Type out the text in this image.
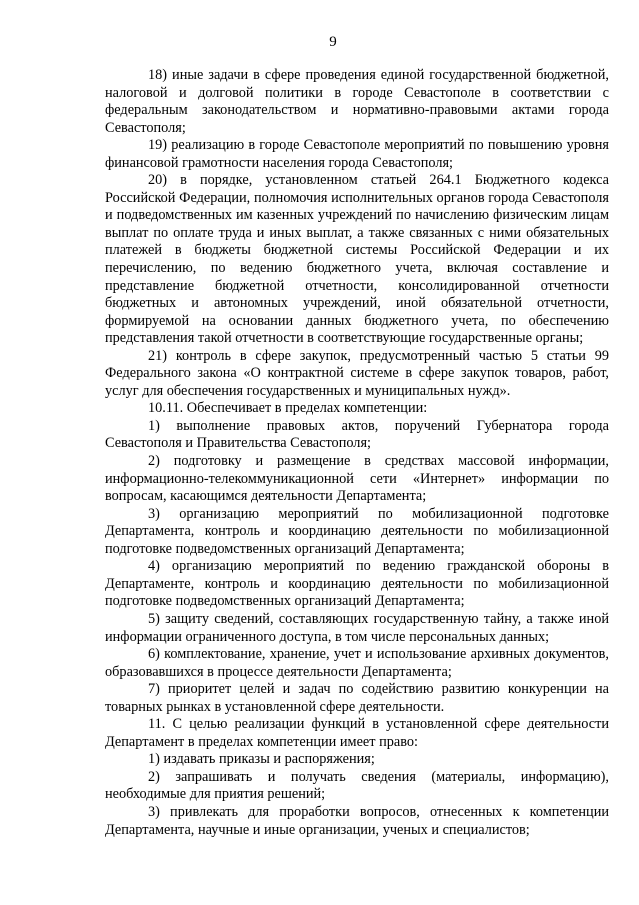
9

18) иные задачи в сфере проведения единой государственной бюджетной, налоговой и долговой политики в городе Севастополе в соответствии с федеральным законодательством и нормативно-правовыми актами города Севастополя;

19) реализацию в городе Севастополе мероприятий по повышению уровня финансовой грамотности населения города Севастополя;

20) в порядке, установленном статьей 264.1 Бюджетного кодекса Российской Федерации, полномочия исполнительных органов города Севастополя и подведомственных им казенных учреждений по начислению физическим лицам выплат по оплате труда и иных выплат, а также связанных с ними обязательных платежей в бюджеты бюджетной системы Российской Федерации и их перечислению, по ведению бюджетного учета, включая составление и представление бюджетной отчетности, консолидированной отчетности бюджетных и автономных учреждений, иной обязательной отчетности, формируемой на основании данных бюджетного учета, по обеспечению представления такой отчетности в соответствующие государственные органы;

21) контроль в сфере закупок, предусмотренный частью 5 статьи 99 Федерального закона «О контрактной системе в сфере закупок товаров, работ, услуг для обеспечения государственных и муниципальных нужд».

10.11. Обеспечивает в пределах компетенции:

1) выполнение правовых актов, поручений Губернатора города Севастополя и Правительства Севастополя;

2) подготовку и размещение в средствах массовой информации, информационно-телекоммуникационной сети «Интернет» информации по вопросам, касающимся деятельности Департамента;

3) организацию мероприятий по мобилизационной подготовке Департамента, контроль и координацию деятельности по мобилизационной подготовке подведомственных организаций Департамента;

4) организацию мероприятий по ведению гражданской обороны в Департаменте, контроль и координацию деятельности по мобилизационной подготовке подведомственных организаций Департамента;

5) защиту сведений, составляющих государственную тайну, а также иной информации ограниченного доступа, в том числе персональных данных;

6) комплектование, хранение, учет и использование архивных документов, образовавшихся в процессе деятельности Департамента;

7) приоритет целей и задач по содействию развитию конкуренции на товарных рынках в установленной сфере деятельности.

11. С целью реализации функций в установленной сфере деятельности Департамент в пределах компетенции имеет право:

1) издавать приказы и распоряжения;

2) запрашивать и получать сведения (материалы, информацию), необходимые для приятия решений;

3) привлекать для проработки вопросов, отнесенных к компетенции Департамента, научные и иные организации, ученых и специалистов;
